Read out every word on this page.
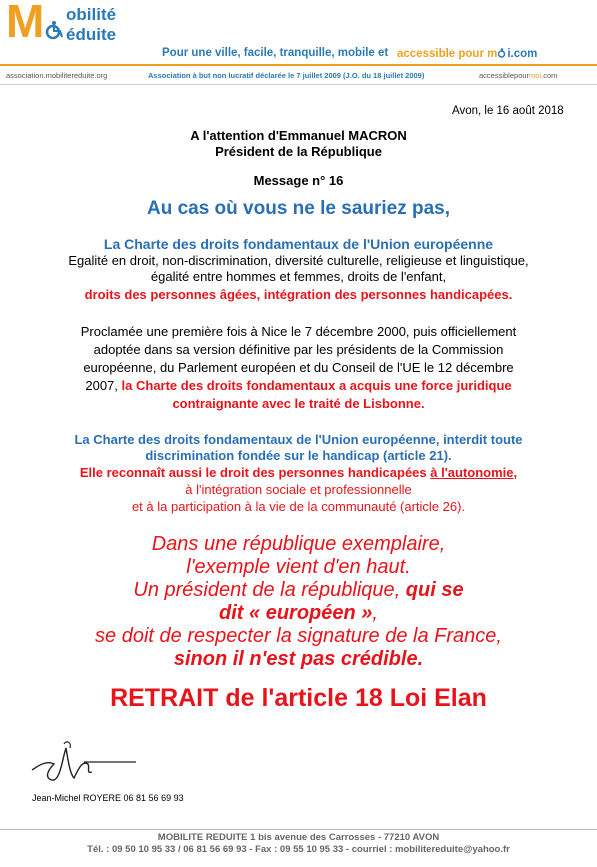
M obilité
éduite
Pour une ville, facile, tranquille, mobile et accessible pour m i.com
association.mobilitereduite.org	Association à but non lucratif déclarée le 7 juillet 2009 (J.O. du 18 juillet 2009)	accessiblepourmoi.com
Avon, le 16 août 2018
A l'attention d'Emmanuel MACRON
Président de la République
Message n° 16
Au cas où vous ne le sauriez pas,
La Charte des droits fondamentaux de l'Union européenne
Egalité en droit, non-discrimination, diversité culturelle, religieuse et linguistique,
égalité entre hommes et femmes, droits de l'enfant,
droits des personnes âgées, intégration des personnes handicapées.
Proclamée une première fois à Nice le 7 décembre 2000, puis officiellement
adoptée dans sa version définitive par les présidents de la Commission
européenne, du Parlement européen et du Conseil de l'UE le 12 décembre
2007, la Charte des droits fondamentaux a acquis une force juridique
contraignante avec le traité de Lisbonne.
La Charte des droits fondamentaux de l'Union européenne, interdit toute
discrimination fondée sur le handicap (article 21).
Elle reconnaît aussi le droit des personnes handicapées à l'autonomie,
à l'intégration sociale et professionnelle
et à la participation à la vie de la communauté (article 26).
Dans une république exemplaire,
l'exemple vient d'en haut.
Un président de la république, qui se
dit « européen »,
se doit de respecter la signature de la France,
sinon il n'est pas crédible.
RETRAIT de l'article 18 Loi Elan
Jean-Michel ROYERE 06 81 56 69 93
MOBILITE REDUITE 1 bis avenue des Carrosses - 77210 AVON
Tél. : 09 50 10 95 33 / 06 81 56 69 93 - Fax : 09 55 10 95 33 - courriel : mobilitereduite@yahoo.fr
